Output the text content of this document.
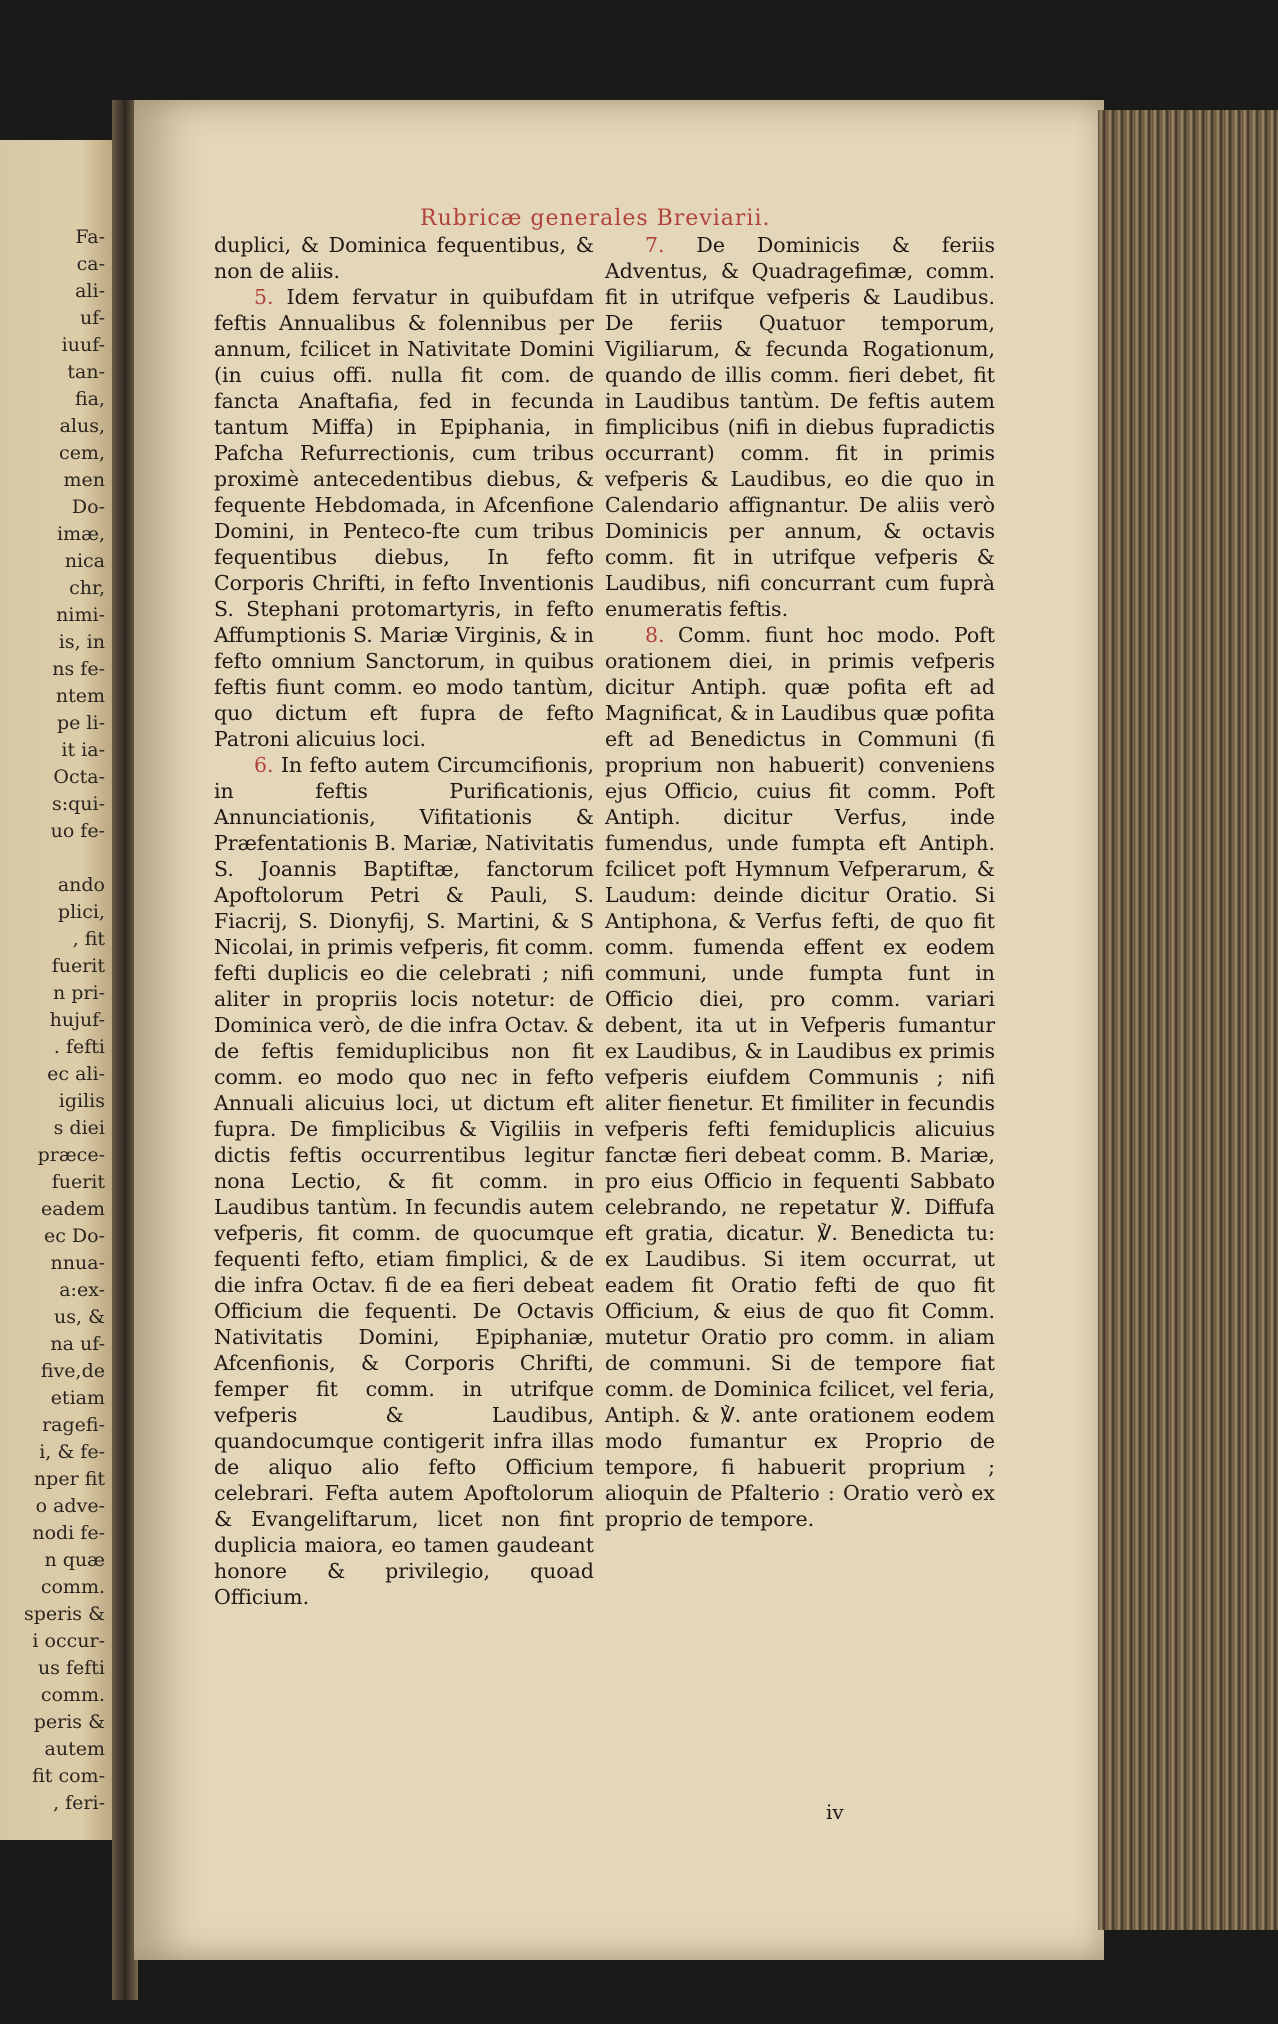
Fa-
ca-
ali-
uf-
iuuf-
tan-
fia,
alus,
cem,
men
Do-
imæ,
nica
chr,
nimi-
is, in
ns fe-
ntem
pe li-
it ia-
Octa-
s:qui-
uo fe-
ando
plici,
, fit
fuerit
n pri-
hujuf-
. fefti
ec ali-
igilis
s diei
præce-
fuerit
eadem
ec Do-
nnua-
a:ex-
us, &
na uf-
five,de
etiam
ragefi-
i, & fe-
nper fit
o adve-
nodi fe-
n quæ
comm.
speris &
i occur-
us fefti
comm.
peris &
autem
fit com-
, feri-
Rubricæ generales Breviarii.

duplici, & Dominica fequentibus, & non de aliis.

5. Idem fervatur in quibufdam feftis Annualibus & folennibus per annum, fcilicet in Nativitate Domini (in cuius offi. nulla fit com. de fancta Anaftafia, fed in fecunda tantum Miffa) in Epiphania, in Pafcha Refurrectionis, cum tribus proximè antecedentibus diebus, & fequente Hebdomada, in Afcenfione Domini, in Penteco-fte cum tribus fequentibus diebus, In fefto Corporis Chrifti, in fefto Inventionis S. Stephani protomartyris, in fefto Affumptionis S. Mariæ Virginis, & in fefto omnium Sanctorum, in quibus feftis fiunt comm. eo modo tantùm, quo dictum eft fupra de fefto Patroni alicuius loci.

6. In fefto autem Circumcifionis, in feftis Purificationis, Annunciationis, Vifitationis & Præfentationis B. Mariæ, Nativitatis S. Joannis Baptiftæ, fanctorum Apoftolorum Petri & Pauli, S. Fiacrij, S. Dionyfij, S. Martini, & S Nicolai, in primis vefperis, fit comm. fefti duplicis eo die celebrati ; nifi aliter in propriis locis notetur: de Dominica verò, de die infra Octav. & de feftis femiduplicibus non fit comm. eo modo quo nec in fefto Annuali alicuius loci, ut dictum eft fupra. De fimplicibus & Vigiliis in dictis feftis occurrentibus legitur nona Lectio, & fit comm. in Laudibus tantùm. In fecundis autem vefperis, fit comm. de quocumque fequenti fefto, etiam fimplici, & de die infra Octav. fi de ea fieri debeat Officium die fequenti. De Octavis Nativitatis Domini, Epiphaniæ, Afcenfionis, & Corporis Chrifti, femper fit comm. in utrifque vefperis & Laudibus, quandocumque contigerit infra illas de aliquo alio fefto Officium celebrari. Fefta autem Apoftolorum & Evangeliftarum, licet non fint duplicia maiora, eo tamen gaudeant honore & privilegio, quoad Officium.

7. De Dominicis & feriis Adventus, & Quadragefimæ, comm. fit in utrifque vefperis & Laudibus. De feriis Quatuor temporum, Vigiliarum, & fecunda Rogationum, quando de illis comm. fieri debet, fit in Laudibus tantùm. De feftis autem fimplicibus (nifi in diebus fupradictis occurrant) comm. fit in primis vefperis & Laudibus, eo die quo in Calendario affignantur. De aliis verò Dominicis per annum, & octavis comm. fit in utrifque vefperis & Laudibus, nifi concurrant cum fuprà enumeratis feftis.

8. Comm. fiunt hoc modo. Poft orationem diei, in primis vefperis dicitur Antiph. quæ pofita eft ad Magnificat, & in Laudibus quæ pofita eft ad Benedictus in Communi (fi proprium non habuerit) conveniens ejus Officio, cuius fit comm. Poft Antiph. dicitur Verfus, inde fumendus, unde fumpta eft Antiph. fcilicet poft Hymnum Vefperarum, & Laudum: deinde dicitur Oratio. Si Antiphona, & Verfus fefti, de quo fit comm. fumenda effent ex eodem communi, unde fumpta funt in Officio diei, pro comm. variari debent, ita ut in Vefperis fumantur ex Laudibus, & in Laudibus ex primis vefperis eiufdem Communis ; nifi aliter fienetur. Et fimiliter in fecundis vefperis fefti femiduplicis alicuius fanctæ fieri debeat comm. B. Mariæ, pro eius Officio in fequenti Sabbato celebrando, ne repetatur ℣. Diffufa eft gratia, dicatur. ℣. Benedicta tu: ex Laudibus. Si item occurrat, ut eadem fit Oratio fefti de quo fit Officium, & eius de quo fit Comm. mutetur Oratio pro comm. in aliam de communi. Si de tempore fiat comm. de Dominica fcilicet, vel feria, Antiph. & ℣. ante orationem eodem modo fumantur ex Proprio de tempore, fi habuerit proprium ; alioquin de Pfalterio : Oratio verò ex proprio de tempore.

iv
